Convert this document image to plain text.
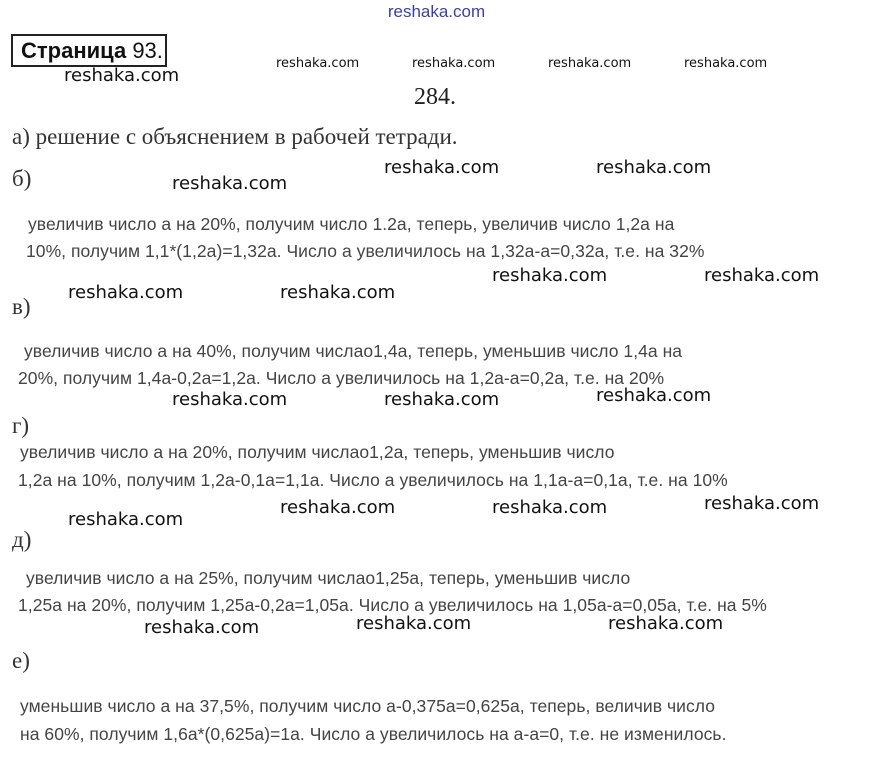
reshaka.com
Страница 93.
reshaka.com
reshaka.com	reshaka.com	reshaka.com	reshaka.com
284.
а) решение с объяснением в рабочей тетради.
б)	reshaka.com
reshaka.com	reshaka.com
увеличив число а на 20%, получим число 1.2а, теперь, увеличив число 1,2а на
10%, получим 1,1*(1,2а)=1,32а. Число а увеличилось на 1,32а-а=0,32а, т.е. на 32%
reshaka.com	reshaka.com
reshaka.com	reshaka.com
в)
увеличив число а на 40%, получим числао1,4а, теперь, уменьшив число 1,4а на
20%, получим 1,4а-0,2а=1,2а. Число а увеличилось на 1,2а-а=0,2а, т.е. на 20%
reshaka.com	reshaka.com	reshaka.com
г)
увеличив число а на 20%, получим числао1,2а, теперь, уменьшив число
1,2а на 10%, получим 1,2а-0,1а=1,1а. Число а увеличилось на 1,1а-а=0,1а, т.е. на 10%
reshaka.com	reshaka.com	reshaka.com
reshaka.com
д)
увеличив число а на 25%, получим числао1,25а, теперь, уменьшив число
1,25а на 20%, получим 1,25а-0,2а=1,05а. Число а увеличилось на 1,05а-а=0,05а, т.е. на 5%
reshaka.com	reshaka.com	reshaka.com
е)
уменьшив число а на 37,5%, получим число а-0,375а=0,625а, теперь, величив число
на 60%, получим 1,6а*(0,625а)=1а. Число а увеличилось на а-а=0, т.е. не изменилось.
